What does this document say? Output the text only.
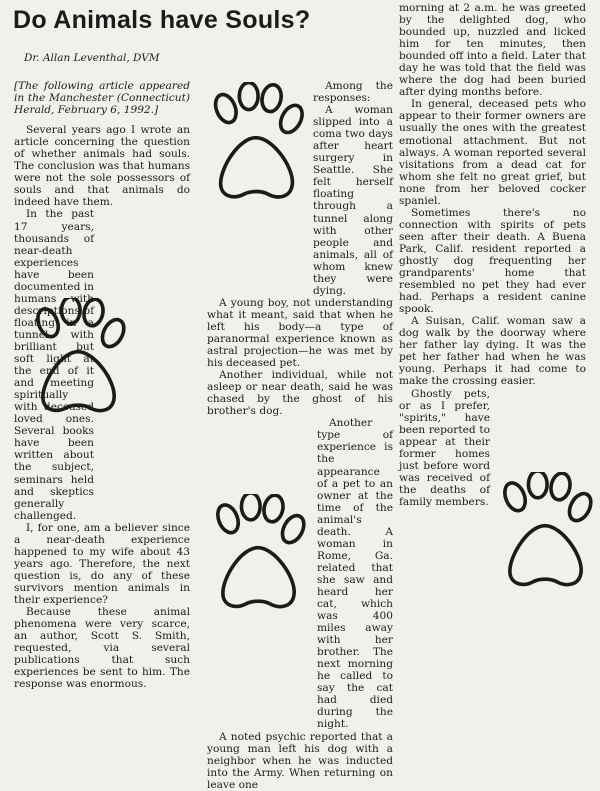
Do Animals have Souls?
Dr. Allan Leventhal, DVM

[The following article appeared in the Manchester (Connecticut) Herald, February 6, 1992.]

Several years ago I wrote an article concerning the question of whether animals had souls. The conclusion was that humans were not the sole possessors of souls and that animals do indeed have them.

In the past 17 years, thousands of near-death experiences have been documented in humans with descriptions of floating in a tunnel with brilliant but soft light at the end of it and meeting spiritually with deceased loved ones. Several books have been written about the subject, seminars held and skeptics generally challenged.

I, for one, am a believer since a near-death experience happened to my wife about 43 years ago. Therefore, the next question is, do any of these survivors mention animals in their experience?

Because these animal phenomena were very scarce, an author, Scott S. Smith, requested, via several publications that such experiences be sent to him. The response was enormous.

Among the responses:

A woman slipped into a coma two days after heart surgery in Seattle. She felt herself floating through a tunnel along with other people and animals, all of whom knew they were dying.

A young boy, not understanding what it meant, said that when he left his body—a type of paranormal experience known as astral projection—he was met by his deceased pet.

Another individual, while not asleep or near death, said he was chased by the ghost of his brother's dog.

Another type of experience is the appearance of a pet to an owner at the time of the animal's death. A woman in Rome, Ga. related that she saw and heard her cat, which was 400 miles away with her brother. The next morning he called to say the cat had died during the night.

A noted psychic reported that a young man left his dog with a neighbor when he was inducted into the Army. When returning on leave one

morning at 2 a.m. he was greeted by the delighted dog, who bounded up, nuzzled and licked him for ten minutes, then bounded off into a field. Later that day he was told that the field was where the dog had been buried after dying months before.

In general, deceased pets who appear to their former owners are usually the ones with the greatest emotional attachment. But not always. A woman reported several visitations from a dead cat for whom she felt no great grief, but none from her beloved cocker spaniel.

Sometimes there's no connection with spirits of pets seen after their death. A Buena Park, Calif. resident reported a ghostly dog frequenting her grandparents' home that resembled no pet they had ever had. Perhaps a resident canine spook.

A Suisan, Calif. woman saw a dog walk by the doorway where her father lay dying. It was the pet her father had when he was young. Perhaps it had come to make the crossing easier.

Ghostly pets, or as I prefer, "spirits," have been reported to appear at their former homes just before word was received of the deaths of family members.
